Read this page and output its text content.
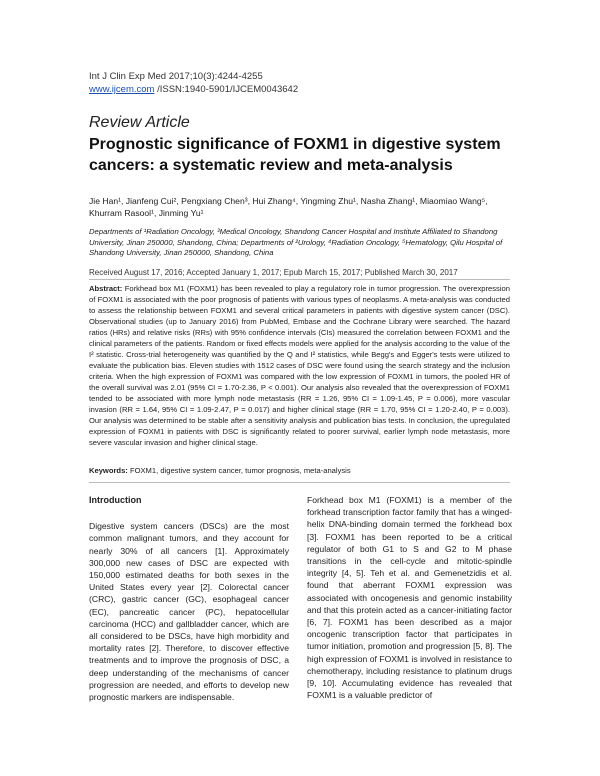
Int J Clin Exp Med 2017;10(3):4244-4255
www.ijcem.com /ISSN:1940-5901/IJCEM0043642
Review Article
Prognostic significance of FOXM1 in digestive system cancers: a systematic review and meta-analysis
Jie Han¹, Jianfeng Cui², Pengxiang Chen³, Hui Zhang⁴, Yingming Zhu¹, Nasha Zhang¹, Miaomiao Wang⁵, Khurram Rasool¹, Jinming Yu¹
Departments of ¹Radiation Oncology, ³Medical Oncology, Shandong Cancer Hospital and Institute Affiliated to Shandong University, Jinan 250000, Shandong, China; Departments of ²Urology, ⁴Radiation Oncology, ⁵Hematology, Qilu Hospital of Shandong University, Jinan 250000, Shandong, China
Received August 17, 2016; Accepted January 1, 2017; Epub March 15, 2017; Published March 30, 2017
Abstract: Forkhead box M1 (FOXM1) has been revealed to play a regulatory role in tumor progression. The overexpression of FOXM1 is associated with the poor prognosis of patients with various types of neoplasms. A meta-analysis was conducted to assess the relationship between FOXM1 and several critical parameters in patients with digestive system cancer (DSC). Observational studies (up to January 2016) from PubMed, Embase and the Cochrane Library were searched. The hazard ratios (HRs) and relative risks (RRs) with 95% confidence intervals (CIs) measured the correlation between FOXM1 and the clinical parameters of the patients. Random or fixed effects models were applied for the analysis according to the value of the I² statistic. Cross-trial heterogeneity was quantified by the Q and I² statistics, while Begg's and Egger's tests were utilized to evaluate the publication bias. Eleven studies with 1512 cases of DSC were found using the search strategy and the inclusion criteria. When the high expression of FOXM1 was compared with the low expression of FOXM1 in tumors, the pooled HR of the overall survival was 2.01 (95% CI = 1.70-2.36, P < 0.001). Our analysis also revealed that the overexpression of FOXM1 tended to be associated with more lymph node metastasis (RR = 1.26, 95% CI = 1.09-1.45, P = 0.006), more vascular invasion (RR = 1.64, 95% CI = 1.09-2.47, P = 0.017) and higher clinical stage (RR = 1.70, 95% CI = 1.20-2.40, P = 0.003). Our analysis was determined to be stable after a sensitivity analysis and publication bias tests. In conclusion, the upregulated expression of FOXM1 in patients with DSC is significantly related to poorer survival, earlier lymph node metastasis, more severe vascular invasion and higher clinical stage.
Keywords: FOXM1, digestive system cancer, tumor prognosis, meta-analysis

Introduction

Digestive system cancers (DSCs) are the most common malignant tumors, and they account for nearly 30% of all cancers [1]. Approximately 300,000 new cases of DSC are expected with 150,000 estimated deaths for both sexes in the United States every year [2]. Colorectal cancer (CRC), gastric cancer (GC), esophageal cancer (EC), pancreatic cancer (PC), hepatocellular carcinoma (HCC) and gallbladder cancer, which are all considered to be DSCs, have high morbidity and mortality rates [2]. Therefore, to discover effective treatments and to improve the prognosis of DSC, a deep understanding of the mechanisms of cancer progression are needed, and efforts to develop new prognostic markers are indispensable.

Forkhead box M1 (FOXM1) is a member of the forkhead transcription factor family that has a winged-helix DNA-binding domain termed the forkhead box [3]. FOXM1 has been reported to be a critical regulator of both G1 to S and G2 to M phase transitions in the cell-cycle and mitotic-spindle integrity [4, 5]. Teh et al. and Gemenetzidis et al. found that aberrant FOXM1 expression was associated with oncogenesis and genomic instability and that this protein acted as a cancer-initiating factor [6, 7]. FOXM1 has been described as a major oncogenic transcription factor that participates in tumor initiation, promotion and progression [5, 8]. The high expression of FOXM1 is involved in resistance to chemotherapy, including resistance to platinum drugs [9, 10]. Accumulating evidence has revealed that FOXM1 is a valuable predictor of
